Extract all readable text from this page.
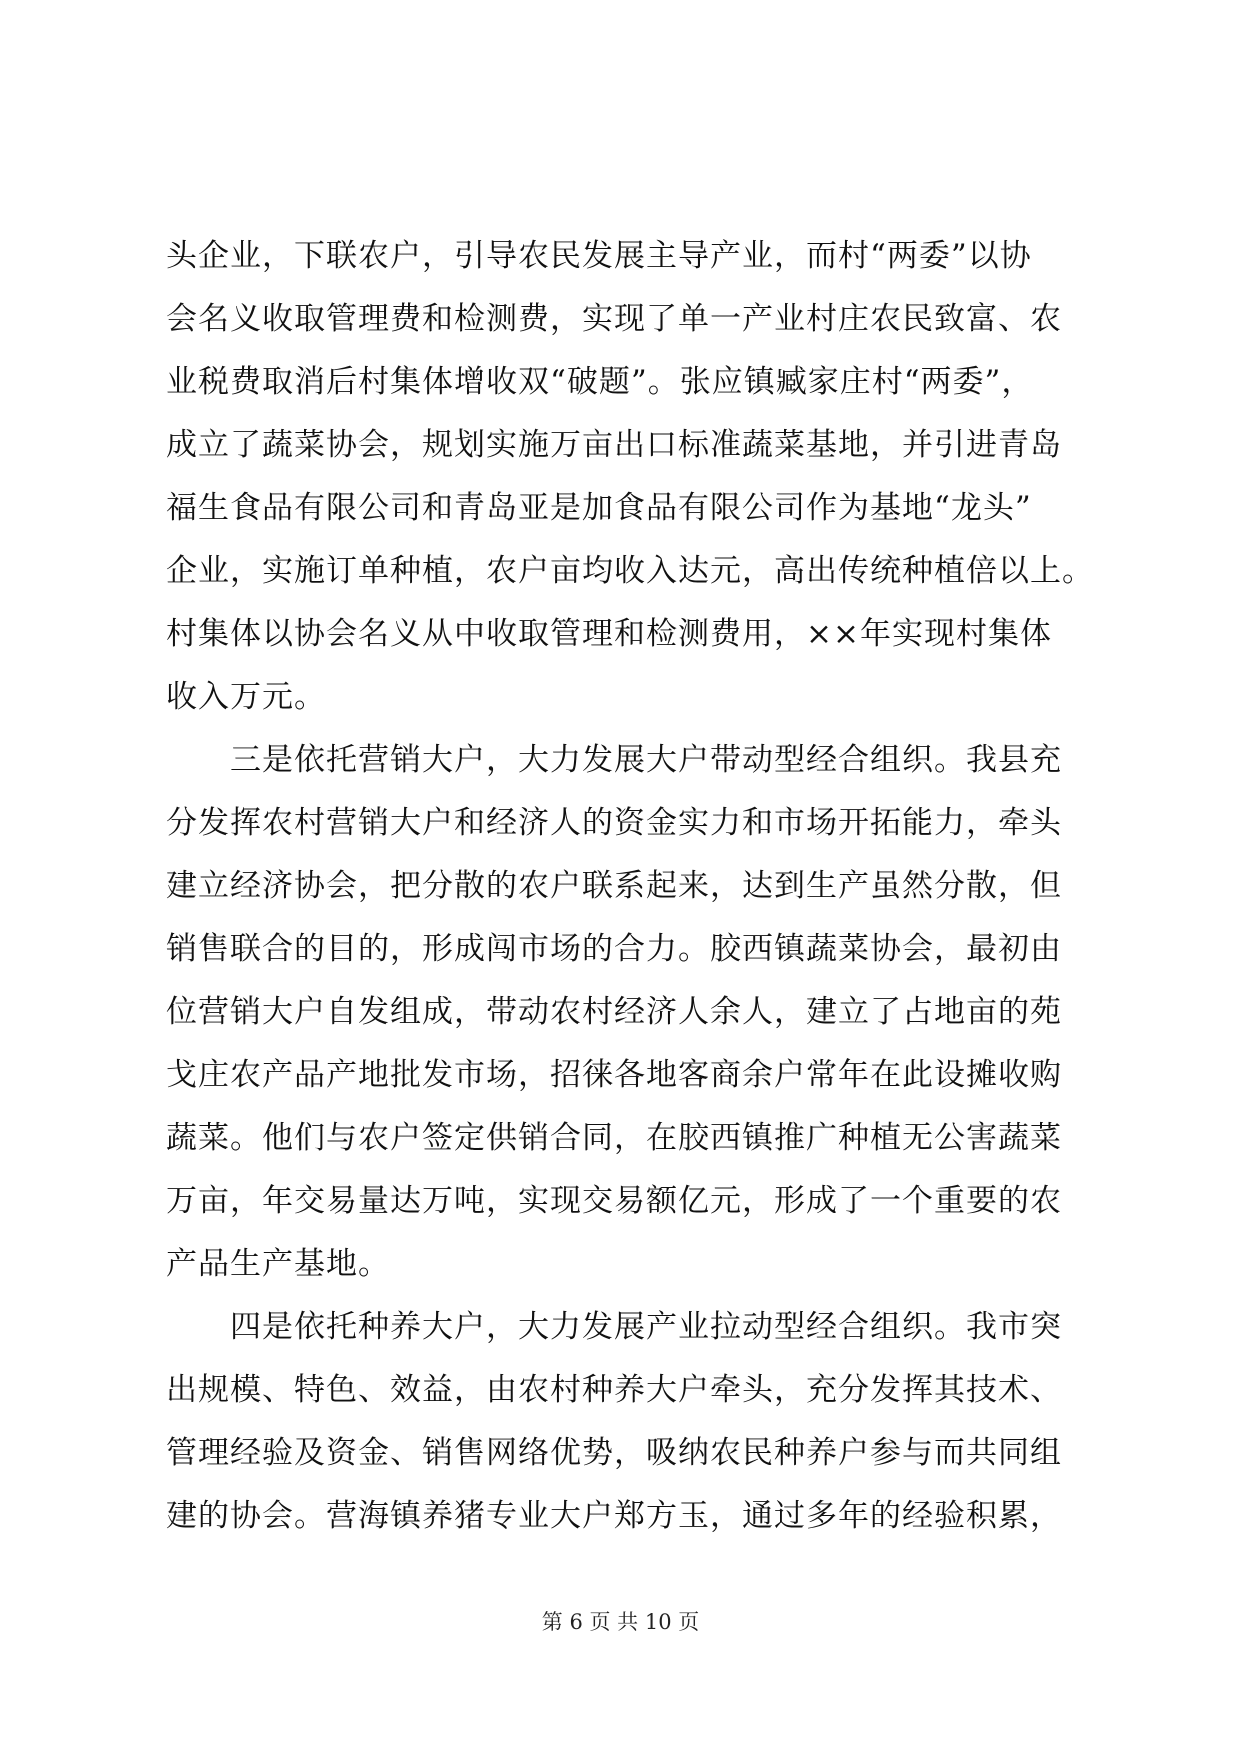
头企业，下联农户，引导农民发展主导产业，而村“两委”以协
会名义收取管理费和检测费，实现了单一产业村庄农民致富、农
业税费取消后村集体增收双“破题”。张应镇臧家庄村“两委”，
成立了蔬菜协会，规划实施万亩出口标准蔬菜基地，并引进青岛
福生食品有限公司和青岛亚是加食品有限公司作为基地“龙头”
企业，实施订单种植，农户亩均收入达元，高出传统种植倍以上。
村集体以协会名义从中收取管理和检测费用，××年实现村集体
收入万元。
三是依托营销大户，大力发展大户带动型经合组织。我县充
分发挥农村营销大户和经济人的资金实力和市场开拓能力，牵头
建立经济协会，把分散的农户联系起来，达到生产虽然分散，但
销售联合的目的，形成闯市场的合力。胶西镇蔬菜协会，最初由
位营销大户自发组成，带动农村经济人余人，建立了占地亩的苑
戈庄农产品产地批发市场，招徕各地客商余户常年在此设摊收购
蔬菜。他们与农户签定供销合同，在胶西镇推广种植无公害蔬菜
万亩，年交易量达万吨，实现交易额亿元，形成了一个重要的农
产品生产基地。
四是依托种养大户，大力发展产业拉动型经合组织。我市突
出规模、特色、效益，由农村种养大户牵头，充分发挥其技术、
管理经验及资金、销售网络优势，吸纳农民种养户参与而共同组
建的协会。营海镇养猪专业大户郑方玉，通过多年的经验积累，
第 6 页 共 10 页
